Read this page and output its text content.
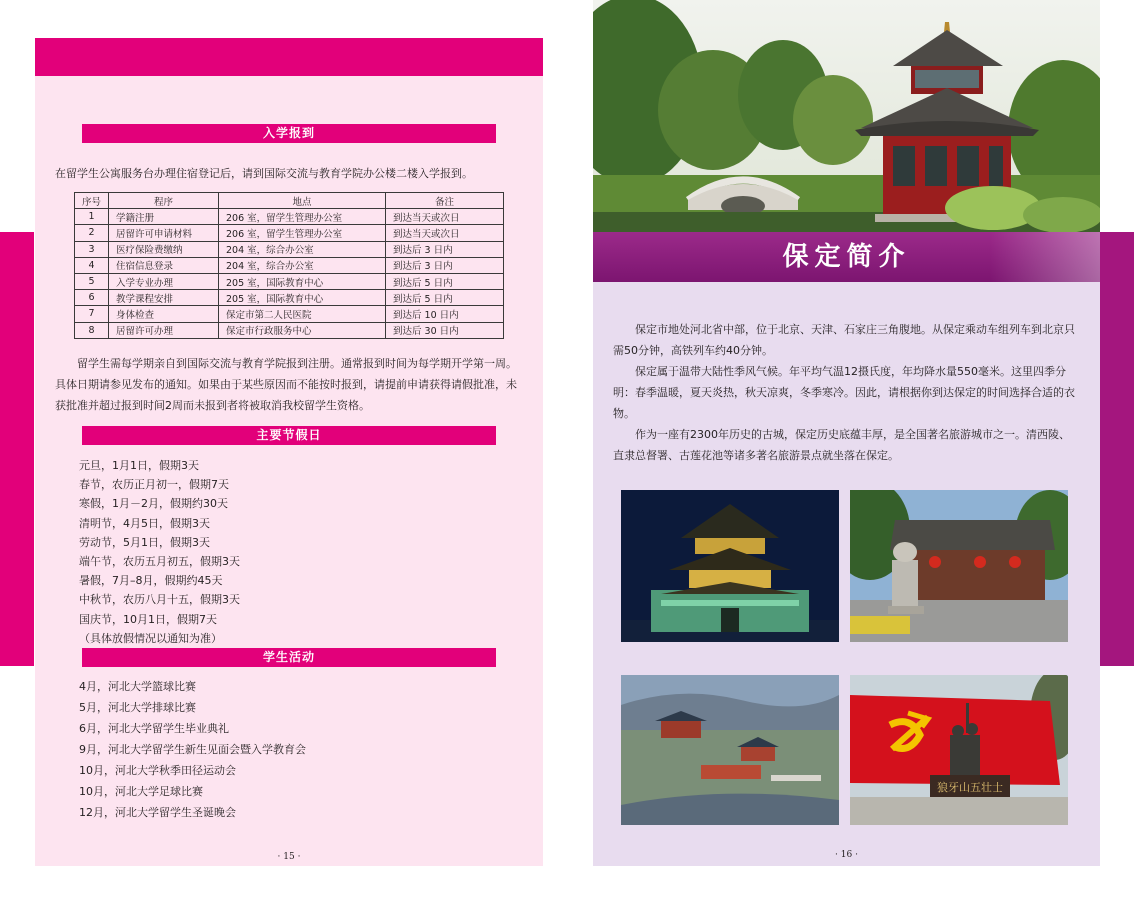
入学报到
在留学生公寓服务台办理住宿登记后，请到国际交流与教育学院办公楼二楼入学报到。
序号	程序	地点	备注
1	学籍注册	206 室，留学生管理办公室	到达当天或次日
2	居留许可申请材料	206 室，留学生管理办公室	到达当天或次日
3	医疗保险费缴纳	204 室，综合办公室	到达后 3 日内
4	住宿信息登录	204 室，综合办公室	到达后 3 日内
5	入学专业办理	205 室，国际教育中心	到达后 5 日内
6	教学课程安排	205 室，国际教育中心	到达后 5 日内
7	身体检查	保定市第二人民医院	到达后 10 日内
8	居留许可办理	保定市行政服务中心	到达后 30 日内

留学生需每学期亲自到国际交流与教育学院报到注册。通常报到时间为每学期开学第一周。具体日期请参见发布的通知。如果由于某些原因而不能按时报到，请提前申请获得请假批准，未获批准并超过报到时间2周而未报到者将被取消我校留学生资格。

主要节假日
元旦，1月1日，假期3天
春节，农历正月初一，假期7天
寒假，1月－2月，假期约30天
清明节，4月5日，假期3天
劳动节，5月1日，假期3天
端午节，农历五月初五，假期3天
暑假，7月–8月，假期约45天
中秋节，农历八月十五，假期3天
国庆节，10月1日，假期7天
（具体放假情况以通知为准）
学生活动
4月，河北大学篮球比赛
5月，河北大学排球比赛
6月，河北大学留学生毕业典礼
9月，河北大学留学生新生见面会暨入学教育会
10月，河北大学秋季田径运动会
10月，河北大学足球比赛
12月，河北大学留学生圣诞晚会
· 15 ·
保定简介

保定市地处河北省中部，位于北京、天津、石家庄三角腹地。从保定乘动车组列车到北京只需50分钟，高铁列车约40分钟。

保定属于温带大陆性季风气候。年平均气温12摄氏度，年均降水量550毫米。这里四季分明：春季温暖，夏天炎热，秋天凉爽，冬季寒冷。因此，请根据你到达保定的时间选择合适的衣物。

作为一座有2300年历史的古城，保定历史底蕴丰厚，是全国著名旅游城市之一。清西陵、直隶总督署、古莲花池等诸多著名旅游景点就坐落在保定。

狼牙山五壮士
· 16 ·
